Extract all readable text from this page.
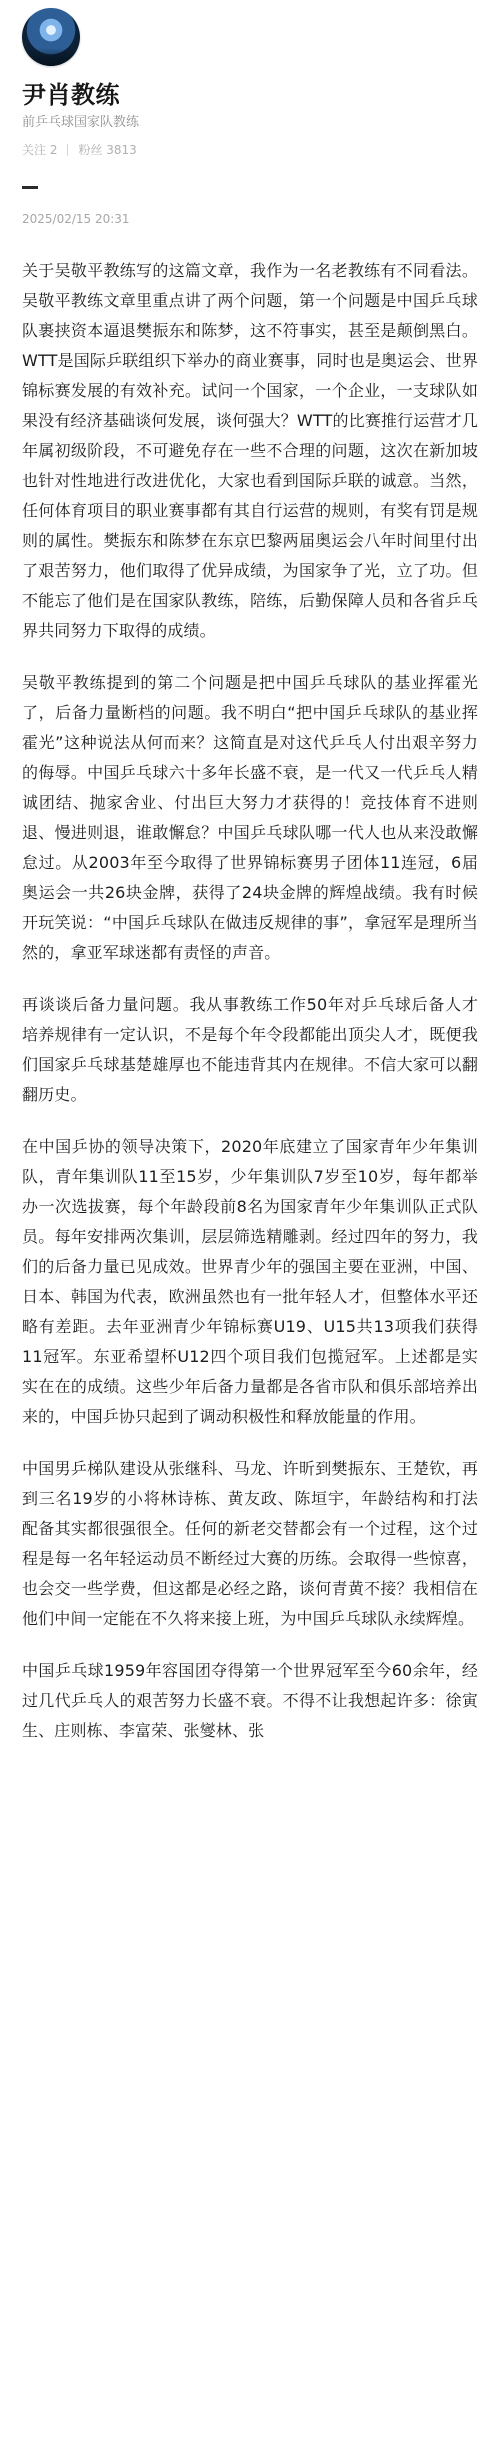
尹肖教练
前乒乓球国家队教练
关注 2 粉丝 3813
2025/02/15 20:31

关于吴敬平教练写的这篇文章，我作为一名老教练有不同看法。吴敬平教练文章里重点讲了两个问题，第一个问题是中国乒乓球队裹挟资本逼退樊振东和陈梦，这不符事实，甚至是颠倒黑白。WTT是国际乒联组织下举办的商业赛事，同时也是奥运会、世界锦标赛发展的有效补充。试问一个国家，一个企业，一支球队如果没有经济基础谈何发展，谈何强大？WTT的比赛推行运营才几年属初级阶段，不可避免存在一些不合理的问题，这次在新加坡也针对性地进行改进优化，大家也看到国际乒联的诚意。当然，任何体育项目的职业赛事都有其自行运营的规则，有奖有罚是规则的属性。樊振东和陈梦在东京巴黎两届奥运会八年时间里付出了艰苦努力，他们取得了优异成绩，为国家争了光，立了功。但不能忘了他们是在国家队教练，陪练，后勤保障人员和各省乒乓界共同努力下取得的成绩。

吴敬平教练提到的第二个问题是把中国乒乓球队的基业挥霍光了，后备力量断档的问题。我不明白“把中国乒乓球队的基业挥霍光”这种说法从何而来？这简直是对这代乒乓人付出艰辛努力的侮辱。中国乒乓球六十多年长盛不衰，是一代又一代乒乓人精诚团结、抛家舍业、付出巨大努力才获得的！竞技体育不进则退、慢进则退，谁敢懈怠？中国乒乓球队哪一代人也从来没敢懈怠过。从2003年至今取得了世界锦标赛男子团体11连冠，6届奥运会一共26块金牌，获得了24块金牌的辉煌战绩。我有时候开玩笑说：“中国乒乓球队在做违反规律的事”，拿冠军是理所当然的，拿亚军球迷都有责怪的声音。

再谈谈后备力量问题。我从事教练工作50年对乒乓球后备人才培养规律有一定认识，不是每个年令段都能出顶尖人才，既便我们国家乒乓球基楚雄厚也不能违背其内在规律。不信大家可以翻翻历史。

在中国乒协的领导决策下，2020年底建立了国家青年少年集训队，青年集训队11至15岁，少年集训队7岁至10岁，每年都举办一次选拔赛，每个年龄段前8名为国家青年少年集训队正式队员。每年安排两次集训，层层筛选精雕剥。经过四年的努力，我们的后备力量已见成效。世界青少年的强国主要在亚洲，中国、日本、韩国为代表，欧洲虽然也有一批年轻人才，但整体水平还略有差距。去年亚洲青少年锦标赛U19、U15共13项我们获得11冠军。东亚希望杯U12四个项目我们包揽冠军。上述都是实实在在的成绩。这些少年后备力量都是各省市队和俱乐部培养出来的，中国乒协只起到了调动积极性和释放能量的作用。

中国男乒梯队建设从张继科、马龙、许昕到樊振东、王楚钦，再到三名19岁的小将林诗栋、黄友政、陈垣宇，年龄结构和打法配备其实都很强很全。任何的新老交替都会有一个过程，这个过程是每一名年轻运动员不断经过大赛的历练。会取得一些惊喜，也会交一些学费，但这都是必经之路，谈何青黄不接？我相信在他们中间一定能在不久将来接上班，为中国乒乓球队永续辉煌。

中国乒乓球1959年容国团夺得第一个世界冠军至今60余年，经过几代乒乓人的艰苦努力长盛不衰。不得不让我想起许多：徐寅生、庄则栋、李富荣、张燮林、张
